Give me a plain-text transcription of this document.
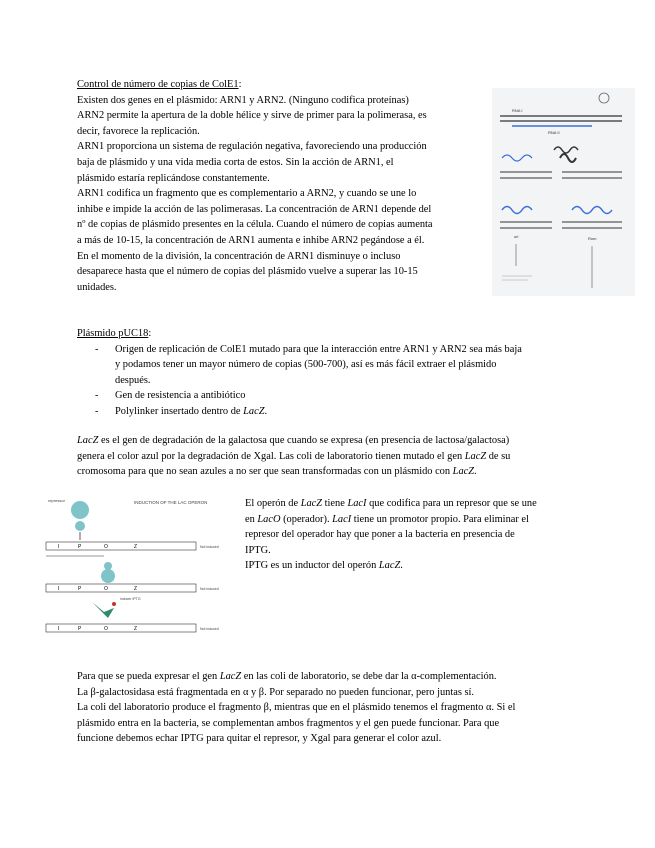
Control de número de copias de ColE1:

Existen dos genes en el plásmido: ARN1 y ARN2. (Ninguno codifica proteínas)

ARN2 permite la apertura de la doble hélice y sirve de primer para la polimerasa, es

decir, favorece la replicación.

ARN1 proporciona un sistema de regulación negativa, favoreciendo una producción

baja de plásmido y una vida media corta de estos. Sin la acción de ARN1, el

plásmido estaría replicándose constantemente.

ARN1 codifica un fragmento que es complementario a ARN2, y cuando se une lo

inhibe e impide la acción de las polimerasas. La concentración de ARN1 depende del

nº de copias de plásmido presentes en la célula. Cuando el número de copias aumenta

a más de 10-15, la concentración de ARN1 aumenta e inhibe ARN2 pegándose a él.

En el momento de la división, la concentración de ARN1 disminuye o incluso

desaparece hasta que el número de copias del plásmido vuelve a superar las 10-15

unidades.

RNA II
RNA I
ori	Rom

Plásmido pUC18:

- Origen de replicación de ColE1 mutado para que la interacción entre ARN1 y ARN2 sea más baja

y podamos tener un mayor número de copias (500-700), así es más fácil extraer el plásmido

después.

- Gen de resistencia a antibiótico

- Polylinker insertado dentro de LacZ.

LacZ es el gen de degradación de la galactosa que cuando se expresa (en presencia de lactosa/galactosa)

genera el color azul por la degradación de Xgal. Las coli de laboratorio tienen mutado el gen LacZ de su

cromosoma para que no sean azules a no ser que sean transformadas con un plásmido con LacZ.

INDUCTION OF THE LAC OPERON
repressor
I	P	O	Z	Not induced
I	P	O	Z	Not induced
inducer IPTG
I	P	O	Z	Not induced

El operón de LacZ tiene LacI que codifica para un represor que se une

en LacO (operador). LacI tiene un promotor propio. Para eliminar el

represor del operador hay que poner a la bacteria en presencia de

IPTG.

IPTG es un inductor del operón LacZ.

Para que se pueda expresar el gen LacZ en las coli de laboratorio, se debe dar la α-complementación.

La β-galactosidasa está fragmentada en α y β. Por separado no pueden funcionar, pero juntas sí.

La coli del laboratorio produce el fragmento β, mientras que en el plásmido tenemos el fragmento α. Si el

plásmido entra en la bacteria, se complementan ambos fragmentos y el gen puede funcionar. Para que

funcione debemos echar IPTG para quitar el represor, y Xgal para generar el color azul.
